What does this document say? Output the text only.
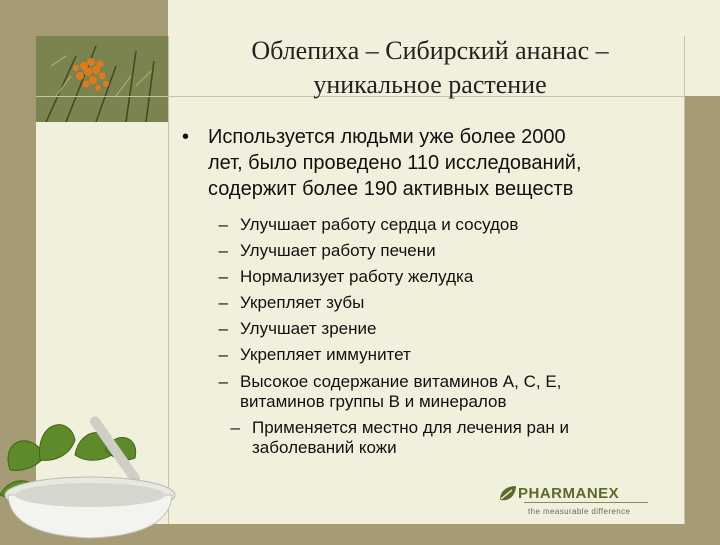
Облепиха – Сибирский ананас –
уникальное растение
• Используется людьми уже более 2000
лет, было проведено 110 исследований,
содержит более 190 активных веществ
– Улучшает работу сердца и сосудов
– Улучшает работу печени
– Нормализует работу желудка
– Укрепляет зубы
– Улучшает зрение
– Укрепляет иммунитет
– Высокое содержание витаминов А, С, Е,
витаминов группы В и минералов
– Применяется местно для лечения ран и
заболеваний кожи
PHARMANEX
the measurable difference
